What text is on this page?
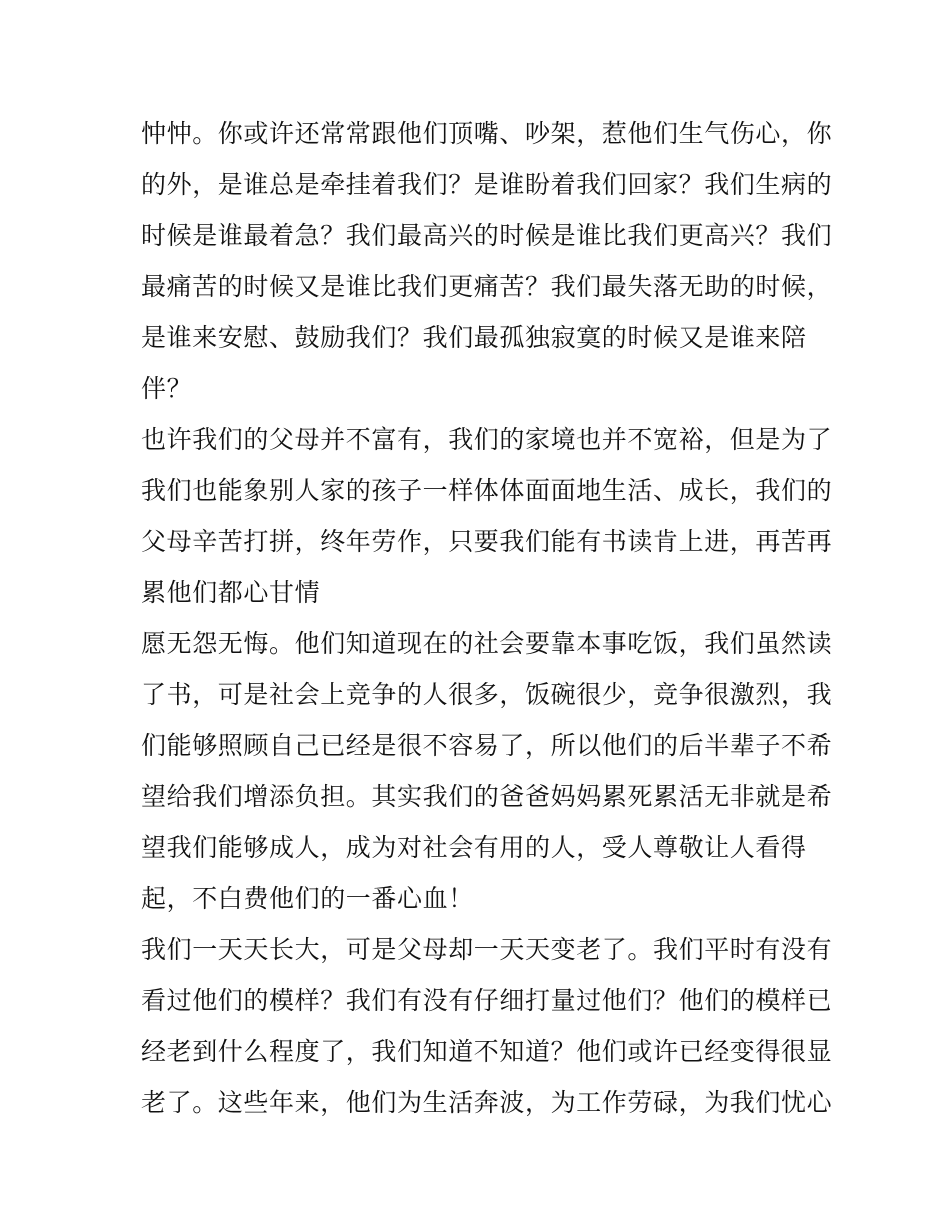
忡忡。你或许还常常跟他们顶嘴、吵架，惹他们生气伤心，你
的外，是谁总是牵挂着我们？是谁盼着我们回家？我们生病的
时候是谁最着急？我们最高兴的时候是谁比我们更高兴？我们
最痛苦的时候又是谁比我们更痛苦？我们最失落无助的时候，
是谁来安慰、鼓励我们？我们最孤独寂寞的时候又是谁来陪
伴？
也许我们的父母并不富有，我们的家境也并不宽裕，但是为了
我们也能象别人家的孩子一样体体面面地生活、成长，我们的
父母辛苦打拼，终年劳作，只要我们能有书读肯上进，再苦再
累他们都心甘情
愿无怨无悔。他们知道现在的社会要靠本事吃饭，我们虽然读
了书，可是社会上竞争的人很多，饭碗很少，竞争很激烈，我
们能够照顾自己已经是很不容易了，所以他们的后半辈子不希
望给我们增添负担。其实我们的爸爸妈妈累死累活无非就是希
望我们能够成人，成为对社会有用的人，受人尊敬让人看得
起，不白费他们的一番心血！
我们一天天长大，可是父母却一天天变老了。我们平时有没有
看过他们的模样？我们有没有仔细打量过他们？他们的模样已
经老到什么程度了，我们知道不知道？他们或许已经变得很显
老了。这些年来，他们为生活奔波，为工作劳碌，为我们忧心
